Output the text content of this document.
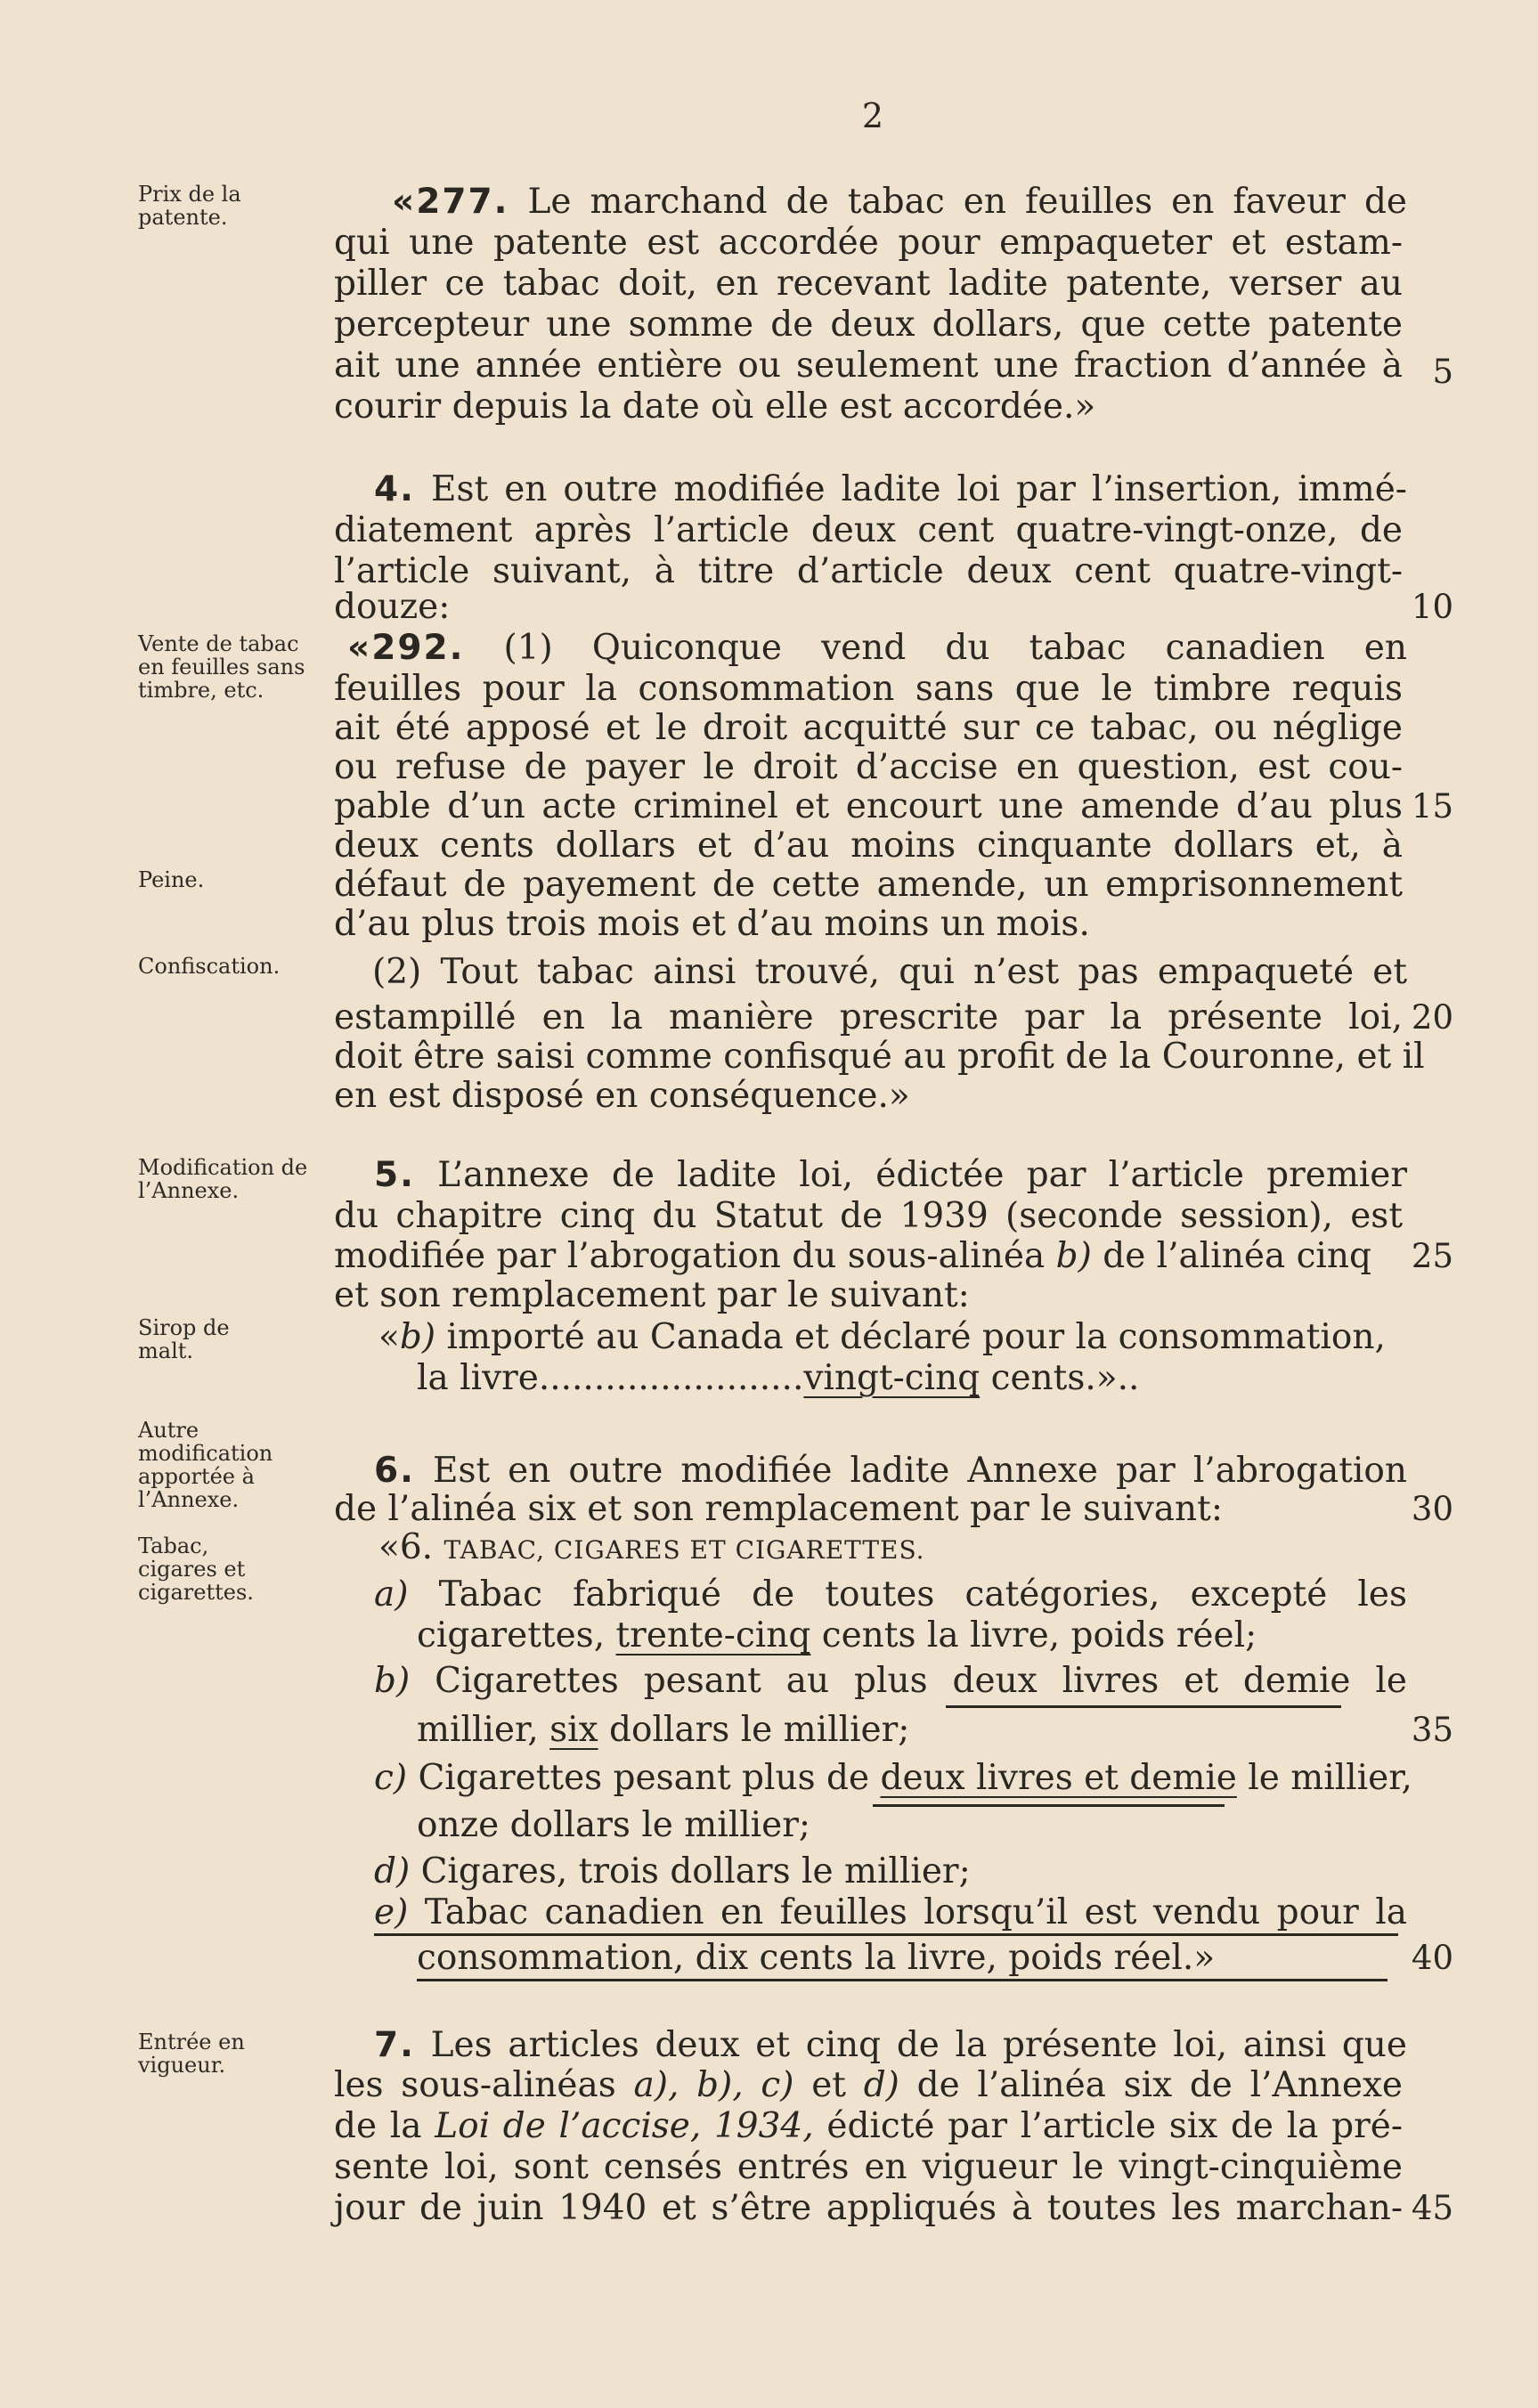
2
Prix de la patente.
Vente de tabac en feuilles sans timbre, etc.
Peine.
Confiscation.
Modification de l’Annexe.
Sirop de malt.
Autre modification apportée à l’Annexe.
Tabac, cigares et cigarettes.
Entrée en vigueur.
5
10
15
20
25
30
35
40
45
«277. Le marchand de tabac en feuilles en faveur de
qui une patente est accordée pour empaqueter et estam-
piller ce tabac doit, en recevant ladite patente, verser au
percepteur une somme de deux dollars, que cette patente
ait une année entière ou seulement une fraction d’année à
courir depuis la date où elle est accordée.»
4. Est en outre modifiée ladite loi par l’insertion, immé-
diatement après l’article deux cent quatre-vingt-onze, de
l’article suivant, à titre d’article deux cent quatre-vingt-
douze:
«292. (1) Quiconque vend du tabac canadien en
feuilles pour la consommation sans que le timbre requis
ait été apposé et le droit acquitté sur ce tabac, ou néglige
ou refuse de payer le droit d’accise en question, est cou-
pable d’un acte criminel et encourt une amende d’au plus
deux cents dollars et d’au moins cinquante dollars et, à
défaut de payement de cette amende, un emprisonnement
d’au plus trois mois et d’au moins un mois.
(2) Tout tabac ainsi trouvé, qui n’est pas empaqueté et
estampillé en la manière prescrite par la présente loi,
doit être saisi comme confisqué au profit de la Couronne, et il
en est disposé en conséquence.»
5. L’annexe de ladite loi, édictée par l’article premier
du chapitre cinq du Statut de 1939 (seconde session), est
modifiée par l’abrogation du sous-alinéa b) de l’alinéa cinq
et son remplacement par le suivant:
«b) importé au Canada et déclaré pour la consommation,
la livre........................vingt-cinq cents.»..
6. Est en outre modifiée ladite Annexe par l’abrogation
de l’alinéa six et son remplacement par le suivant:
«6. TABAC, CIGARES ET CIGARETTES.
a) Tabac fabriqué de toutes catégories, excepté les
cigarettes, trente-cinq cents la livre, poids réel;
b) Cigarettes pesant au plus deux livres et demie le
millier, six dollars le millier;
c) Cigarettes pesant plus de deux livres et demie le millier,
onze dollars le millier;
d) Cigares, trois dollars le millier;
e) Tabac canadien en feuilles lorsqu’il est vendu pour la
consommation, dix cents la livre, poids réel.»
7. Les articles deux et cinq de la présente loi, ainsi que
les sous-alinéas a), b), c) et d) de l’alinéa six de l’Annexe
de la Loi de l’accise, 1934, édicté par l’article six de la pré-
sente loi, sont censés entrés en vigueur le vingt-cinquième
jour de juin 1940 et s’être appliqués à toutes les marchan-
